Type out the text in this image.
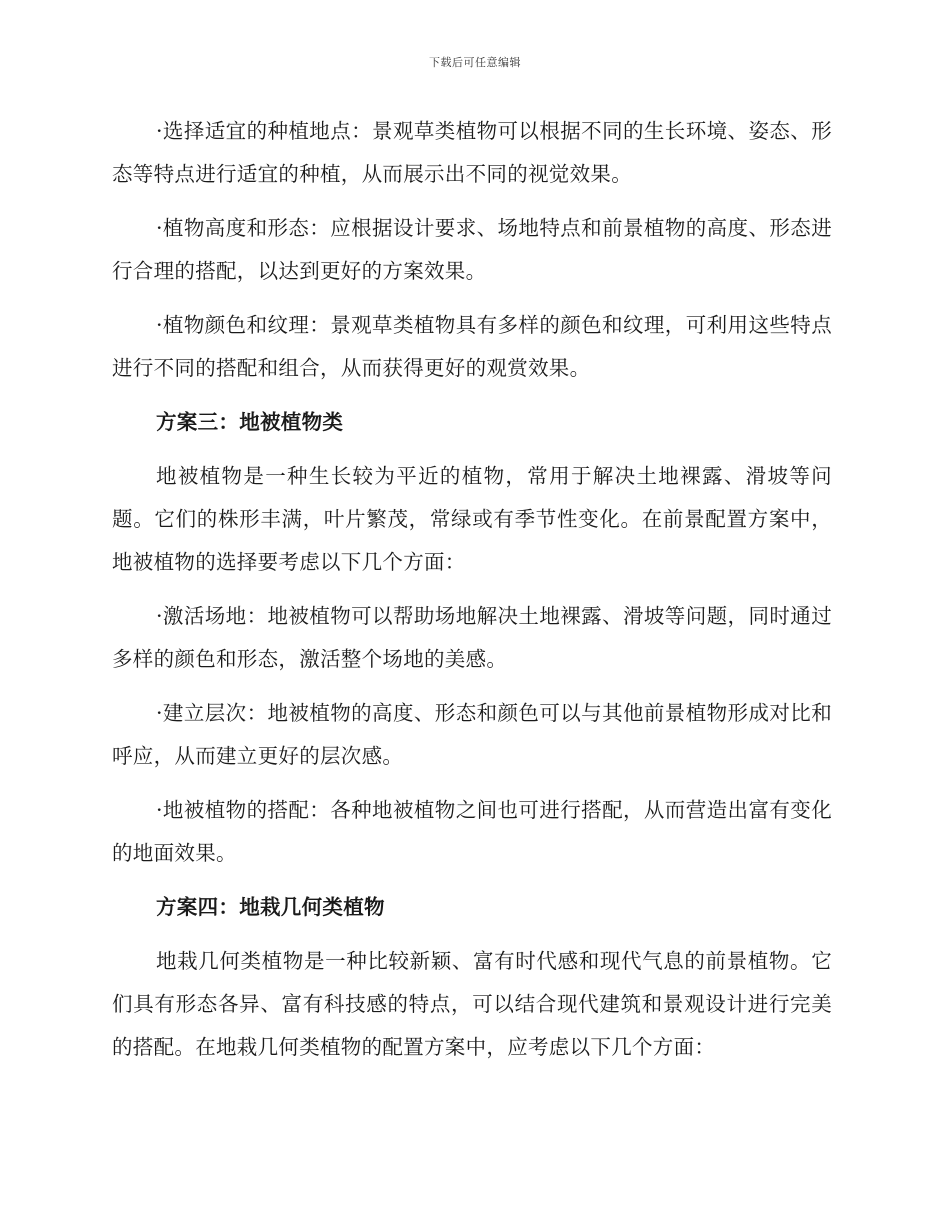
下载后可任意编辑

·选择适宜的种植地点：景观草类植物可以根据不同的生长环境、姿态、形态等特点进行适宜的种植，从而展示出不同的视觉效果。

·植物高度和形态：应根据设计要求、场地特点和前景植物的高度、形态进行合理的搭配，以达到更好的方案效果。

·植物颜色和纹理：景观草类植物具有多样的颜色和纹理，可利用这些特点进行不同的搭配和组合，从而获得更好的观赏效果。

方案三：地被植物类

地被植物是一种生长较为平近的植物，常用于解决土地裸露、滑坡等问题。它们的株形丰满，叶片繁茂，常绿或有季节性变化。在前景配置方案中，地被植物的选择要考虑以下几个方面：

·激活场地：地被植物可以帮助场地解决土地裸露、滑坡等问题，同时通过多样的颜色和形态，激活整个场地的美感。

·建立层次：地被植物的高度、形态和颜色可以与其他前景植物形成对比和呼应，从而建立更好的层次感。

·地被植物的搭配：各种地被植物之间也可进行搭配，从而营造出富有变化的地面效果。

方案四：地栽几何类植物

地栽几何类植物是一种比较新颖、富有时代感和现代气息的前景植物。它们具有形态各异、富有科技感的特点，可以结合现代建筑和景观设计进行完美的搭配。在地栽几何类植物的配置方案中，应考虑以下几个方面：
